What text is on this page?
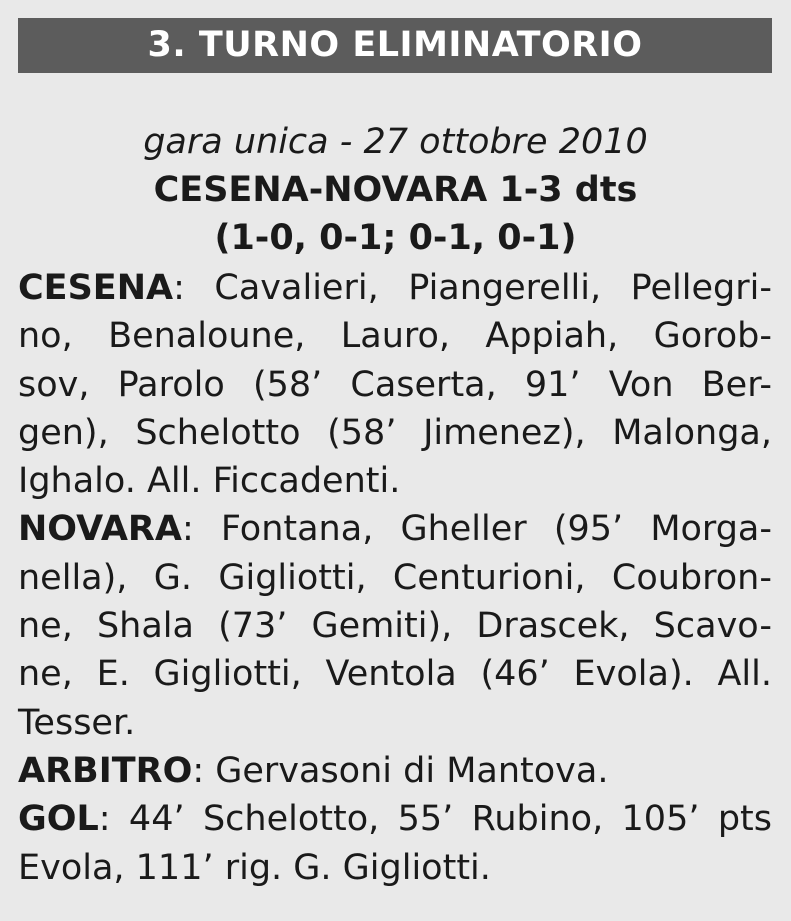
3. TURNO ELIMINATORIO
gara unica - 27 ottobre 2010
CESENA-NOVARA 1-3 dts
(1-0, 0-1; 0-1, 0-1)
CESENA: Cavalieri, Piangerelli, Pellegri-
no, Benaloune, Lauro, Appiah, Gorob-
sov, Parolo (58’ Caserta, 91’ Von Ber-
gen), Schelotto (58’ Jimenez), Malonga,
Ighalo. All. Ficcadenti.
NOVARA: Fontana, Gheller (95’ Morga-
nella), G. Gigliotti, Centurioni, Coubron-
ne, Shala (73’ Gemiti), Drascek, Scavo-
ne, E. Gigliotti, Ventola (46’ Evola). All.
Tesser.
ARBITRO: Gervasoni di Mantova.
GOL: 44’ Schelotto, 55’ Rubino, 105’ pts
Evola, 111’ rig. G. Gigliotti.
